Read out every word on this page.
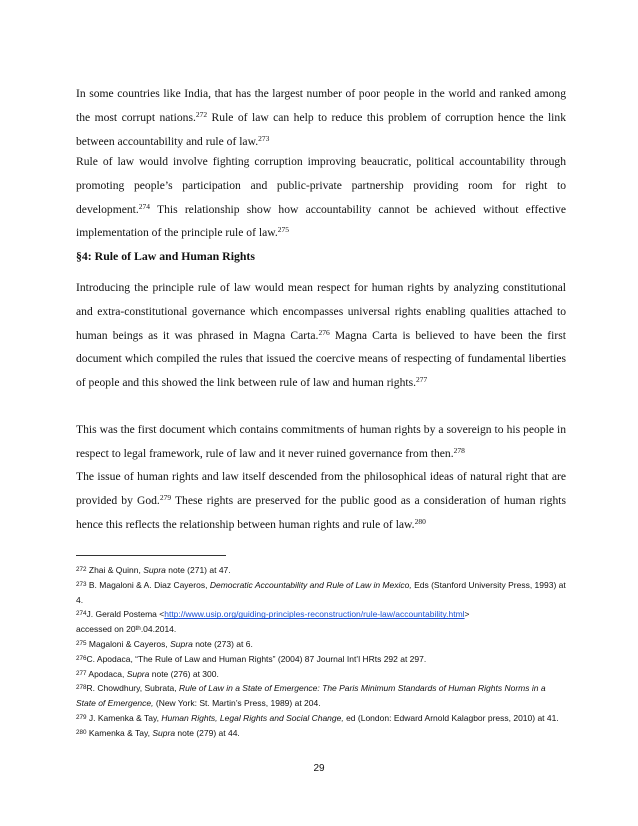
In some countries like India, that has the largest number of poor people in the world and ranked among the most corrupt nations.$^{272}$ Rule of law can help to reduce this problem of corruption hence the link between accountability and rule of law.$^{273}$

Rule of law would involve fighting corruption improving beaucratic, political accountability through promoting people’s participation and public-private partnership providing room for right to development.$^{274}$ This relationship show how accountability cannot be achieved without effective implementation of the principle rule of law.$^{275}$

§4: Rule of Law and Human Rights

Introducing the principle rule of law would mean respect for human rights by analyzing constitutional and extra-constitutional governance which encompasses universal rights enabling qualities attached to human beings as it was phrased in Magna Carta.$^{276}$ Magna Carta is believed to have been the first document which compiled the rules that issued the coercive means of respecting of fundamental liberties of people and this showed the link between rule of law and human rights.$^{277}$

This was the first document which contains commitments of human rights by a sovereign to his people in respect to legal framework, rule of law and it never ruined governance from then.$^{278}$

The issue of human rights and law itself descended from the philosophical ideas of natural right that are provided by God.$^{279}$ These rights are preserved for the public good as a consideration of human rights hence this reflects the relationship between human rights and rule of law.$^{280}$

$^{272}$ Zhai & Quinn, Supra note (271) at 47.
$^{273}$ B. Magaloni & A. Diaz Cayeros, Democratic Accountability and Rule of Law in Mexico, Eds (Stanford University Press, 1993) at 4.
$^{274}$J. Gerald Postema <http://www.usip.org/guiding-principles-reconstruction/rule-law/accountability.html>
accessed on 20th.04.2014.
$^{275}$ Magaloni & Cayeros, Supra note (273) at 6.
$^{276}$C. Apodaca, “The Rule of Law and Human Rights” (2004) 87 Journal Int’l HRts 292 at 297.
$^{277}$ Apodaca, Supra note (276) at 300.
$^{278}$R. Chowdhury, Subrata, Rule of Law in a State of Emergence: The Paris Minimum Standards of Human Rights Norms in a State of Emergence, (New York: St. Martin’s Press, 1989) at 204.
$^{279}$ J. Kamenka & Tay, Human Rights, Legal Rights and Social Change, ed (London: Edward Arnold Kalagbor press, 2010) at 41.
$^{280}$ Kamenka & Tay, Supra note (279) at 44.
29
